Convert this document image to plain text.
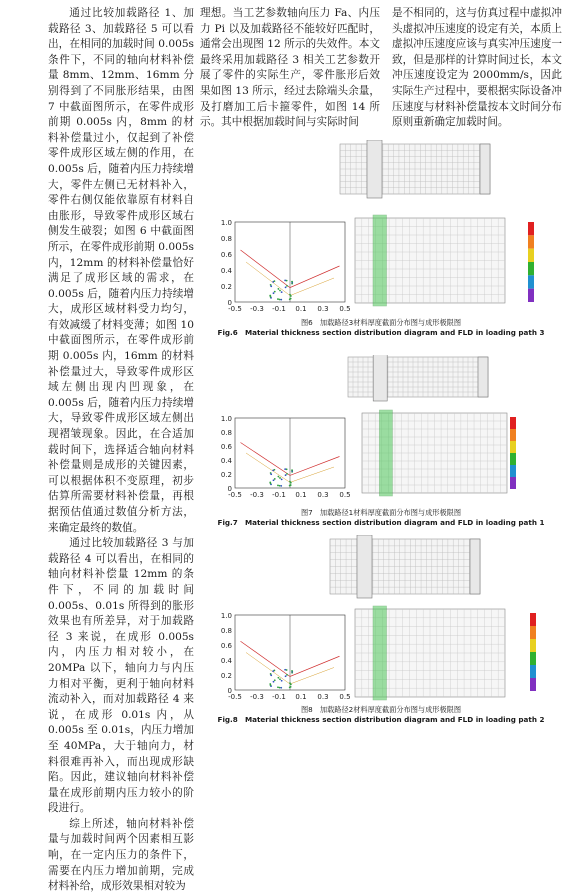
通过比较加载路径 1、加载路径 3、加载路径 5 可以看出，在相同的加载时间 0.005s 条件下，不同的轴向材料补偿量 8mm、12mm、16mm 分别得到了不同胀形结果，由图 7 中截面图所示，在零件成形前期 0.005s 内，8mm 的材料补偿量过小，仅起到了补偿零件成形区域左侧的作用，在 0.005s 后，随着内压力持续增大，零件左侧已无材料补入，零件右侧仅能依靠原有材料自由胀形，导致零件成形区域右侧发生破裂；如图 6 中截面图所示，在零件成形前期 0.005s 内，12mm 的材料补偿量恰好满足了成形区域的需求，在 0.005s 后，随着内压力持续增大，成形区域材料受力均匀，有效减缓了材料变薄；如图 10 中截面图所示，在零件成形前期 0.005s 内，16mm 的材料补偿量过大，导致零件成形区域左侧出现内凹现象，在 0.005s 后，随着内压力持续增大，导致零件成形区域左侧出现褶皱现象。因此，在合适加载时间下，选择适合轴向材料补偿量则是成形的关键因素，可以根据体积不变原理，初步估算所需要材料补偿量，再根据预估值通过数值分析方法，来确定最终的数值。

通过比较加载路径 3 与加载路径 4 可以看出，在相同的轴向材料补偿量 12mm 的条件下，不同的加载时间 0.005s、0.01s 所得到的胀形效果也有所差异，对于加载路径 3 来说，在成形 0.005s 内，内压力相对较小，在 20MPa 以下，轴向力与内压力相对平衡，更利于轴向材料流动补入，而对加载路径 4 来说，在成形 0.01s 内，从 0.005s 至 0.01s，内压力增加至 40MPa，大于轴向力，材料很难再补入，而出现成形缺陷。因此，建议轴向材料补偿量在成形前期内压力较小的阶段进行。

综上所述，轴向材料补偿量与加载时间两个因素相互影响，在一定内压力的条件下，需要在内压力增加前期，完成材料补给，成形效果相对较为

理想。当工艺参数轴向压力 Fa、内压力 Pi 以及加载路径不能较好匹配时，通常会出现图 12 所示的失效件。本文最终采用加载路径 3 相关工艺参数开展了零件的实际生产，零件胀形后效果如图 13 所示，经过去除端头余量，及打磨加工后卡箍零件，如图 14 所示。其中根据加载时间与实际时间

是不相同的，这与仿真过程中虚拟冲头虚拟冲压速度的设定有关，本质上虚拟冲压速度应该与真实冲压速度一致，但是那样的计算时间过长，本文冲压速度设定为 2000mm/s，因此实际生产过程中，要根据实际设备冲压速度与材料补偿量按本文时间分布原则重新确定加载时间。

1.0
0.8
0.6
0.4
0.2
0
-0.5 -0.3 -0.1 0.1 0.3 0.5
图6　加载路径3材料厚度截面分布图与成形极限图
Fig.6　Material thickness section distribution diagram and FLD in loading path 3
1.0
0.8
0.6
0.4
0.2
0
-0.5 -0.3 -0.1 0.1 0.3 0.5
图7　加载路径1材料厚度截面分布图与成形极限图
Fig.7　Material thickness section distribution diagram and FLD in loading path 1
1.0
0.8
0.6
0.4
0.2
0
-0.5 -0.3 -0.1 0.1 0.3 0.5
图8　加载路径2材料厚度截面分布图与成形极限图
Fig.8　Material thickness section distribution diagram and FLD in loading path 2
